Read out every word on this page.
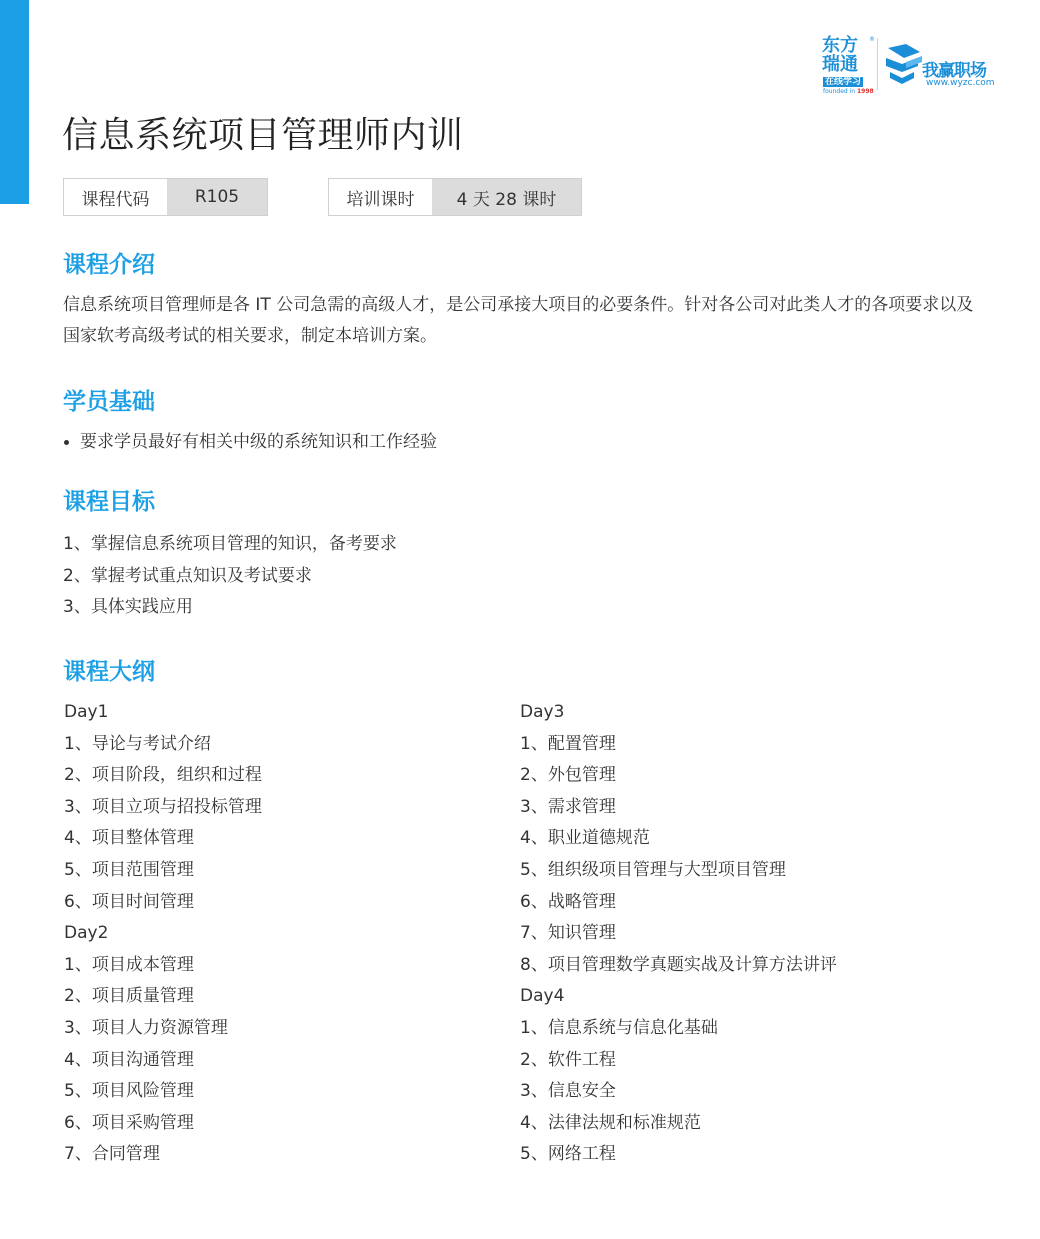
东方 ®
瑞通
在线学习
founded in 1998
我赢职场
www.wyzc.com
信息系统项目管理师内训
课程代码	R105	培训课时	4 天 28 课时
课程介绍

信息系统项目管理师是各 IT 公司急需的高级人才，是公司承接大项目的必要条件。针对各公司对此类人才的各项要求以及国家软考高级考试的相关要求，制定本培训方案。

学员基础
要求学员最好有相关中级的系统知识和工作经验
课程目标
1、掌握信息系统项目管理的知识，备考要求
2、掌握考试重点知识及考试要求
3、具体实践应用
课程大纲
Day1
1、导论与考试介绍
2、项目阶段，组织和过程
3、项目立项与招投标管理
4、项目整体管理
5、项目范围管理
6、项目时间管理
Day2
1、项目成本管理
2、项目质量管理
3、项目人力资源管理
4、项目沟通管理
5、项目风险管理
6、项目采购管理
7、合同管理
Day3
1、配置管理
2、外包管理
3、需求管理
4、职业道德规范
5、组织级项目管理与大型项目管理
6、战略管理
7、知识管理
8、项目管理数学真题实战及计算方法讲评
Day4
1、信息系统与信息化基础
2、软件工程
3、信息安全
4、法律法规和标准规范
5、网络工程
